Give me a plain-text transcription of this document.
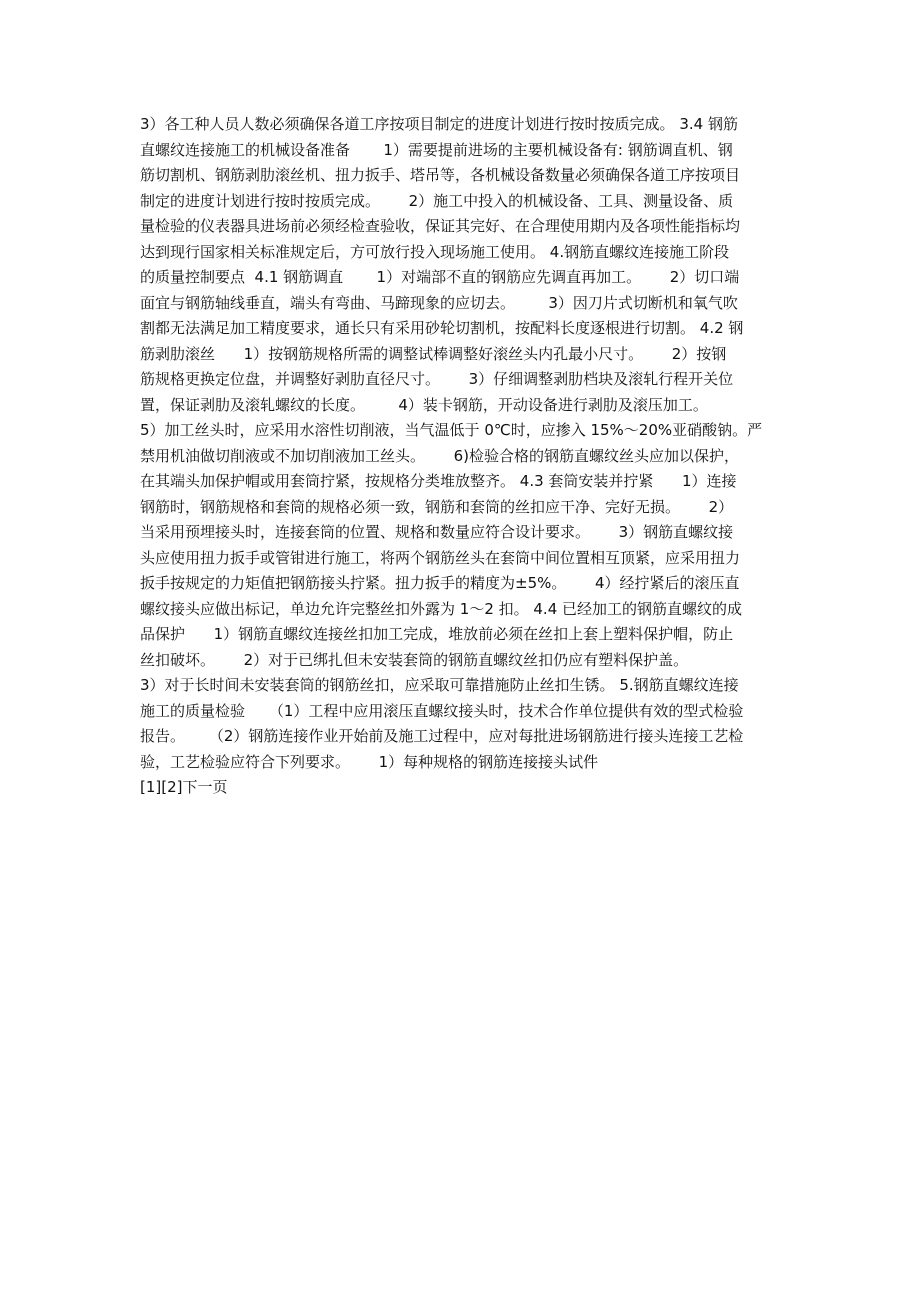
3）各工种人员人数必须确保各道工序按项目制定的进度计划进行按时按质完成。 3.4 钢筋
直螺纹连接施工的机械设备准备       1）需要提前进场的主要机械设备有: 钢筋调直机、钢
筋切割机、钢筋剥肋滚丝机、扭力扳手、塔吊等，各机械设备数量必须确保各道工序按项目
制定的进度计划进行按时按质完成。      2）施工中投入的机械设备、工具、测量设备、质
量检验的仪表器具进场前必须经检查验收，保证其完好、在合理使用期内及各项性能指标均
达到现行国家相关标准规定后，方可放行投入现场施工使用。 4.钢筋直螺纹连接施工阶段
的质量控制要点  4.1 钢筋调直       1）对端部不直的钢筋应先调直再加工。      2）切口端
面宜与钢筋轴线垂直，端头有弯曲、马蹄现象的应切去。       3）因刀片式切断机和氧气吹
割都无法满足加工精度要求，通长只有采用砂轮切割机，按配料长度逐根进行切割。 4.2 钢
筋剥肋滚丝      1）按钢筋规格所需的调整试棒调整好滚丝头内孔最小尺寸。      2）按钢
筋规格更换定位盘，并调整好剥肋直径尺寸。      3）仔细调整剥肋档块及滚轧行程开关位
置，保证剥肋及滚轧螺纹的长度。       4）装卡钢筋，开动设备进行剥肋及滚压加工。
5）加工丝头时，应采用水溶性切削液，当气温低于 0℃时，应掺入 15%～20%亚硝酸钠。严
禁用机油做切削液或不加切削液加工丝头。      6)检验合格的钢筋直螺纹丝头应加以保护，
在其端头加保护帽或用套筒拧紧，按规格分类堆放整齐。 4.3 套筒安装并拧紧      1）连接
钢筋时，钢筋规格和套筒的规格必须一致，钢筋和套筒的丝扣应干净、完好无损。      2）
当采用预埋接头时，连接套筒的位置、规格和数量应符合设计要求。      3）钢筋直螺纹接
头应使用扭力扳手或管钳进行施工，将两个钢筋丝头在套筒中间位置相互顶紧，应采用扭力
扳手按规定的力矩值把钢筋接头拧紧。扭力扳手的精度为±5%。      4）经拧紧后的滚压直
螺纹接头应做出标记，单边允许完整丝扣外露为 1～2 扣。 4.4 已经加工的钢筋直螺纹的成
品保护      1）钢筋直螺纹连接丝扣加工完成，堆放前必须在丝扣上套上塑料保护帽，防止
丝扣破坏。      2）对于已绑扎但未安装套筒的钢筋直螺纹丝扣仍应有塑料保护盖。
3）对于长时间未安装套筒的钢筋丝扣，应采取可靠措施防止丝扣生锈。 5.钢筋直螺纹连接
施工的质量检验     （1）工程中应用滚压直螺纹接头时，技术合作单位提供有效的型式检验
报告。     （2）钢筋连接作业开始前及施工过程中，应对每批进场钢筋进行接头连接工艺检
验，工艺检验应符合下列要求。      1）每种规格的钢筋连接接头试件
[1][2]下一页
